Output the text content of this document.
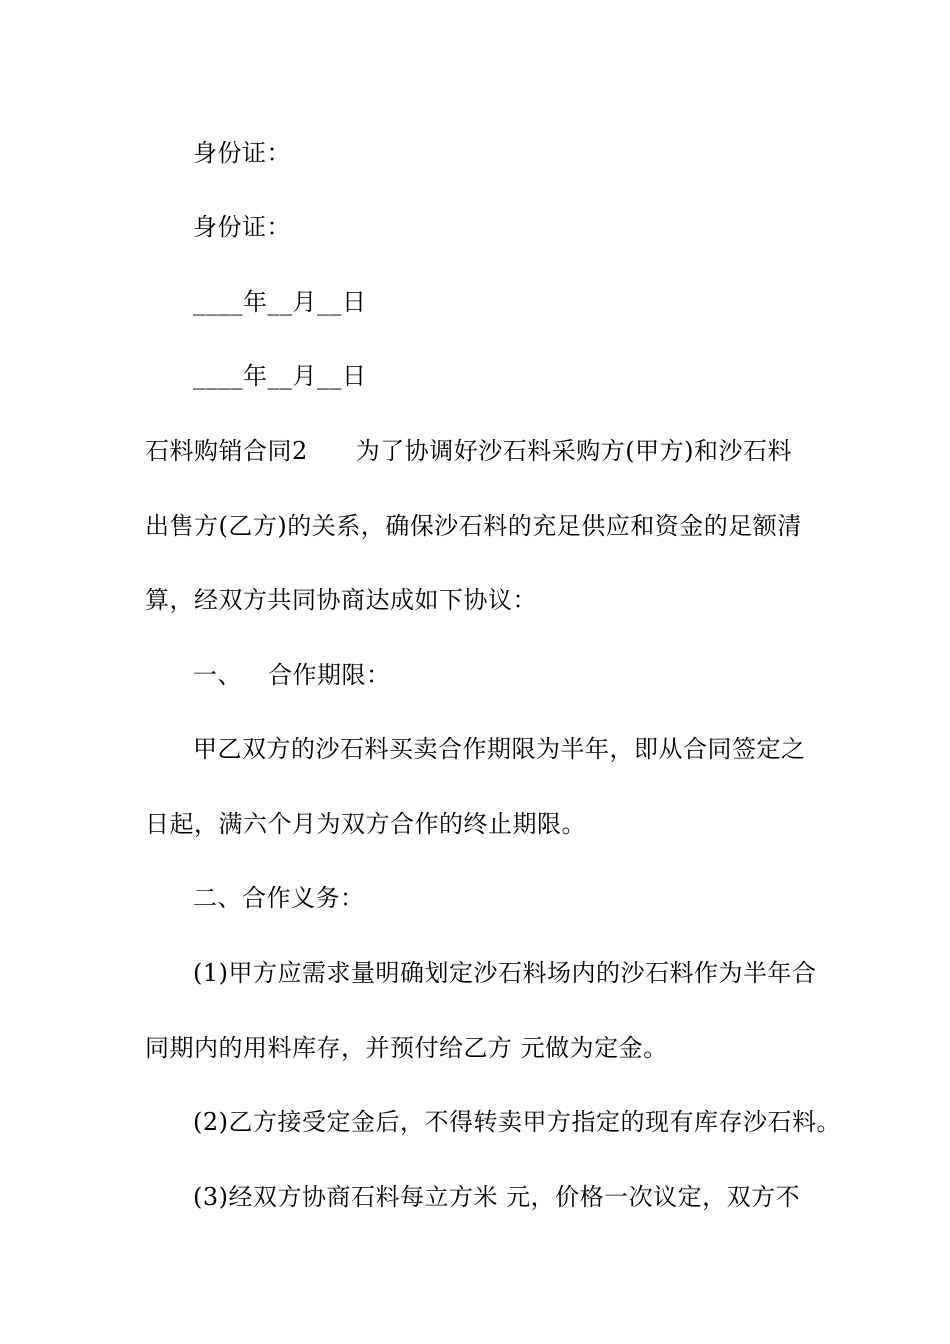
身份证：
身份证：
____年__月__日
____年__月__日
石料购销合同2 为了协调好沙石料采购方(甲方)和沙石料
出售方(乙方)的关系，确保沙石料的充足供应和资金的足额清
算，经双方共同协商达成如下协议：
一、 合作期限：
甲乙双方的沙石料买卖合作期限为半年，即从合同签定之
日起，满六个月为双方合作的终止期限。
二、合作义务：
(1)甲方应需求量明确划定沙石料场内的沙石料作为半年合
同期内的用料库存，并预付给乙方 元做为定金。
(2)乙方接受定金后，不得转卖甲方指定的现有库存沙石料。
(3)经双方协商石料每立方米 元，价格一次议定，双方不
